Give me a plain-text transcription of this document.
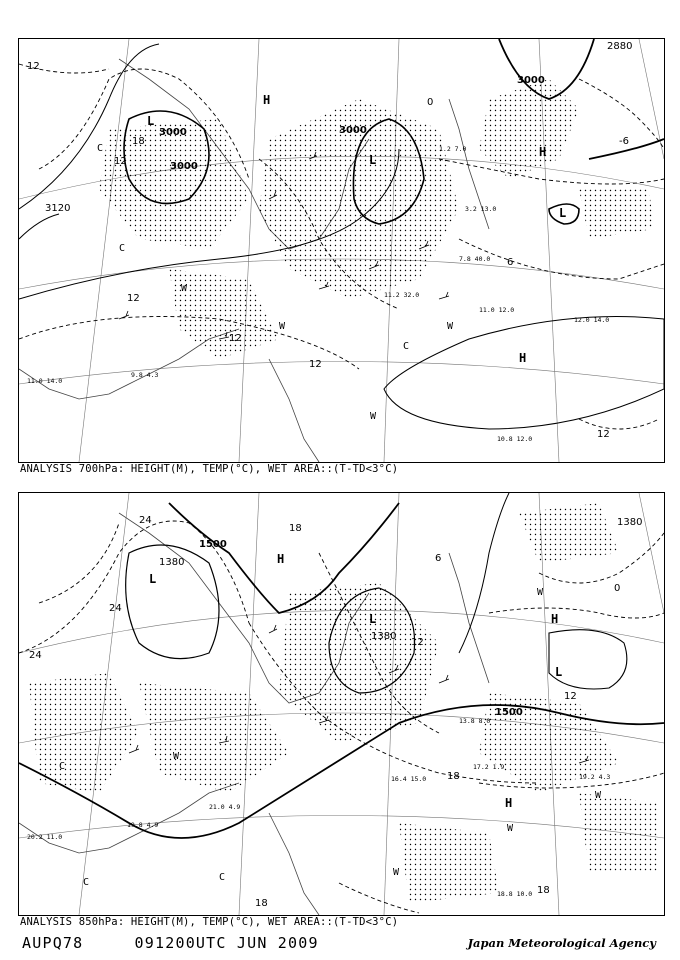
L
L
L
H
H
H
3000
3000
3000
3000
3120
2880
12
12
12
12
12
12
18
6
0
-6
W
W	W
W
C
C
C
11.0 14.0
9.8 4.3
11.2 32.0
11.0 12.0
12.0 14.0
10.8 12.0
7.8 40.0
3.2 13.0
1.2 7.0
ANALYSIS 700hPa: HEIGHT(M), TEMP(°C), WET AREA::(T-TD<3°C)
L
L
L
H
H
H
1500
1500
1380
1380
1380
24
24
24
18
18
18
18
12
12
6
0
W
W
W
W
W
C
C	C
20.2 11.0
19.8 4.9
21.0 4.9
17.2 1.9
19.2 4.3
18.8 10.0
16.4 15.0
13.8 8.0
ANALYSIS 850hPa: HEIGHT(M), TEMP(°C), WET AREA::(T-TD<3°C)
AUPQ78	091200UTC JUN 2009	Japan Meteorological Agency
